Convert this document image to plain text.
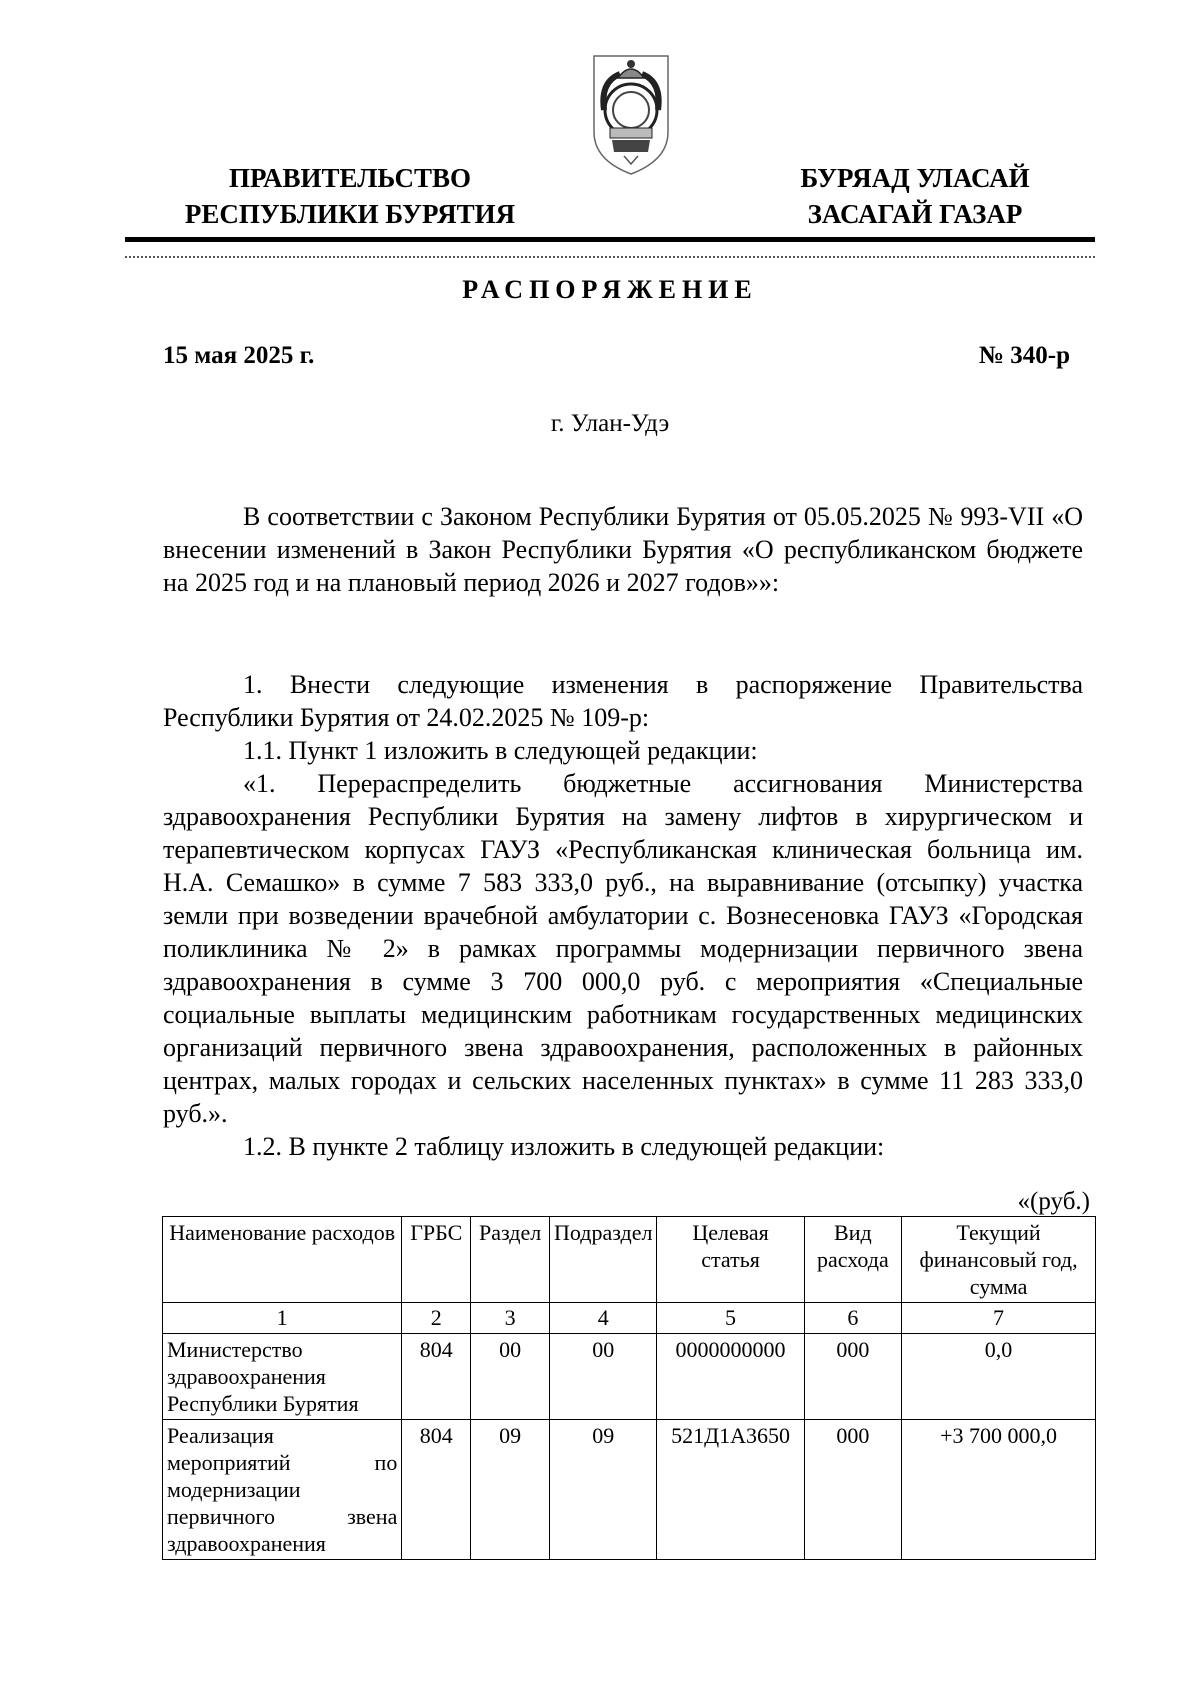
ПРАВИТЕЛЬСТВО
РЕСПУБЛИКИ БУРЯТИЯ
БУРЯАД УЛАСАЙ
ЗАСАГАЙ ГАЗАР
РАСПОРЯЖЕНИЕ
15 мая 2025 г.	№ 340-р
г. Улан-Удэ

В соответствии с Законом Республики Бурятия от 05.05.2025 № 993-VII «О внесении изменений в Закон Республики Бурятия «О республиканском бюджете на 2025 год и на плановый период 2026 и 2027 годов»»:

1. Внести следующие изменения в распоряжение Правительства Республики Бурятия от 24.02.2025 № 109-р:

1.1. Пункт 1 изложить в следующей редакции:

«1. Перераспределить бюджетные ассигнования Министерства здравоохранения Республики Бурятия на замену лифтов в хирургическом и терапевтическом корпусах ГАУЗ «Республиканская клиническая больница им. Н.А. Семашко» в сумме 7 583 333,0 руб., на выравнивание (отсыпку) участка земли при возведении врачебной амбулатории с. Вознесеновка ГАУЗ «Городская поликлиника № 2» в рамках программы модернизации первичного звена здравоохранения в сумме 3 700 000,0 руб. с мероприятия «Специальные социальные выплаты медицинским работникам государственных медицинских организаций первичного звена здравоохранения, расположенных в районных центрах, малых городах и сельских населенных пунктах» в сумме 11 283 333,0 руб.».

1.2. В пункте 2 таблицу изложить в следующей редакции:

«(руб.)
Наименование расходов	ГРБС	Раздел	Подраздел	Целевая статья	Вид расхода	Текущий финансовый год, сумма
1	2	3	4	5	6	7
Министерство здравоохранения Республики Бурятия	804	00	00	0000000000	000	0,0
Реализация мероприятий по модернизации первичного звена здравоохранения	804	09	09	521Д1А3650	000	+3 700 000,0
